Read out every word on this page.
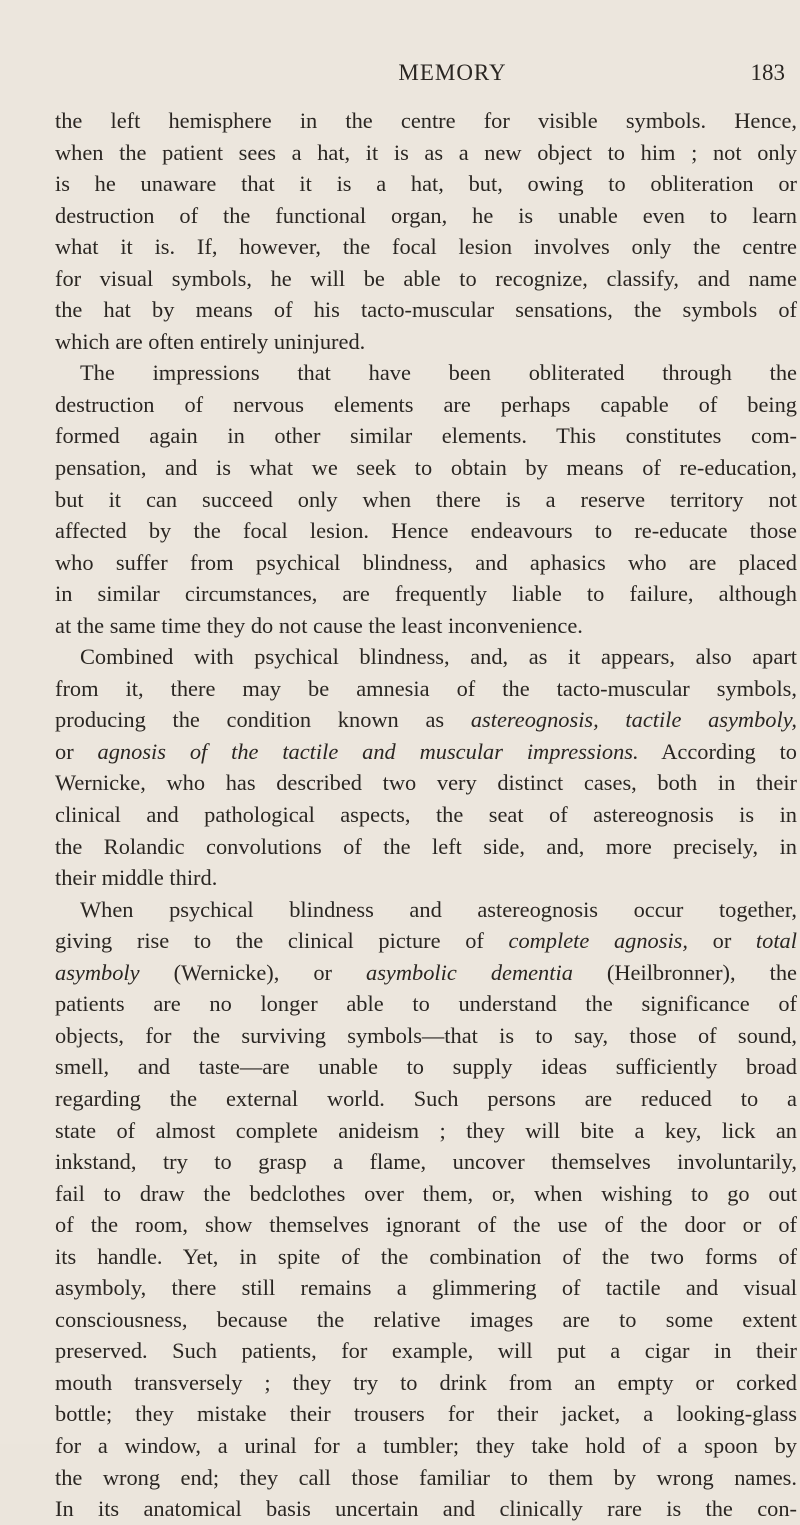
MEMORY	183
the left hemisphere in the centre for visible symbols. Hence,
when the patient sees a hat, it is as a new object to him ; not only
is he unaware that it is a hat, but, owing to obliteration or
destruction of the functional organ, he is unable even to learn
what it is. If, however, the focal lesion involves only the centre
for visual symbols, he will be able to recognize, classify, and name
the hat by means of his tacto-muscular sensations, the symbols of
which are often entirely uninjured.
The impressions that have been obliterated through the
destruction of nervous elements are perhaps capable of being
formed again in other similar elements. This constitutes com-
pensation, and is what we seek to obtain by means of re-education,
but it can succeed only when there is a reserve territory not
affected by the focal lesion. Hence endeavours to re-educate those
who suffer from psychical blindness, and aphasics who are placed
in similar circumstances, are frequently liable to failure, although
at the same time they do not cause the least inconvenience.
Combined with psychical blindness, and, as it appears, also apart
from it, there may be amnesia of the tacto-muscular symbols,
producing the condition known as astereognosis, tactile asymboly,
or agnosis of the tactile and muscular impressions. According to
Wernicke, who has described two very distinct cases, both in their
clinical and pathological aspects, the seat of astereognosis is in
the Rolandic convolutions of the left side, and, more precisely, in
their middle third.
When psychical blindness and astereognosis occur together,
giving rise to the clinical picture of complete agnosis, or total
asymboly (Wernicke), or asymbolic dementia (Heilbronner), the
patients are no longer able to understand the significance of
objects, for the surviving symbols—that is to say, those of sound,
smell, and taste—are unable to supply ideas sufficiently broad
regarding the external world. Such persons are reduced to a
state of almost complete anideism ; they will bite a key, lick an
inkstand, try to grasp a flame, uncover themselves involuntarily,
fail to draw the bedclothes over them, or, when wishing to go out
of the room, show themselves ignorant of the use of the door or of
its handle. Yet, in spite of the combination of the two forms of
asymboly, there still remains a glimmering of tactile and visual
consciousness, because the relative images are to some extent
preserved. Such patients, for example, will put a cigar in their
mouth transversely ; they try to drink from an empty or corked
bottle; they mistake their trousers for their jacket, a looking-glass
for a window, a urinal for a tumbler; they take hold of a spoon by
the wrong end; they call those familiar to them by wrong names.
In its anatomical basis uncertain and clinically rare is the con-
